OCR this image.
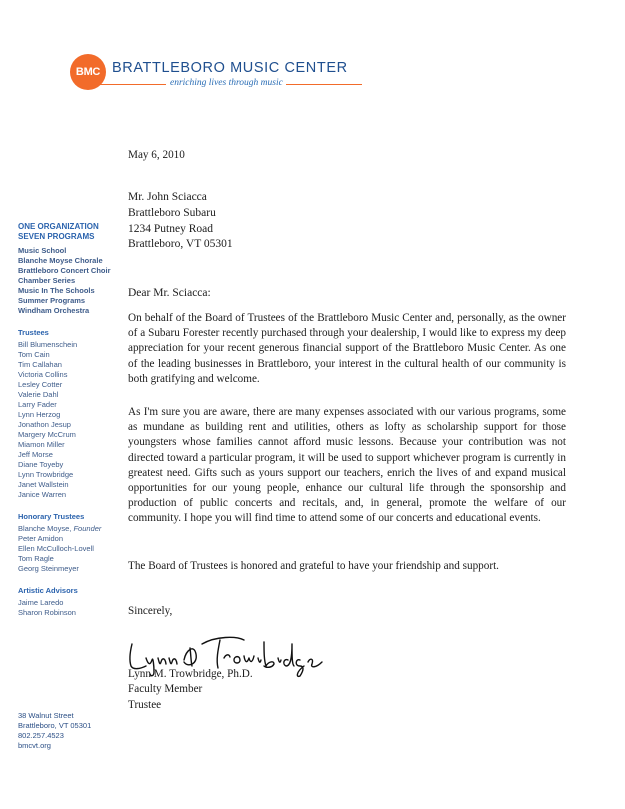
BMC BRATTLEBORO MUSIC CENTER
enriching lives through music
ONE ORGANIZATION
SEVEN PROGRAMS
Music School
Blanche Moyse Chorale
Brattleboro Concert Choir
Chamber Series
Music In The Schools
Summer Programs
Windham Orchestra
Trustees
Bill Blumenschein
Tom Cain
Tim Callahan
Victoria Collins
Lesley Cotter
Valerie Dahl
Larry Fader
Lynn Herzog
Jonathon Jesup
Margery McCrum
Miamon Miller
Jeff Morse
Diane Toyeby
Lynn Trowbridge
Janet Wallstein
Janice Warren
Honorary Trustees
Blanche Moyse, Founder
Peter Amidon
Ellen McCulloch-Lovell
Tom Ragle
Georg Steinmeyer
Artistic Advisors
Jaime Laredo
Sharon Robinson
38 Walnut Street
Brattleboro, VT 05301
802.257.4523
bmcvt.org
May 6, 2010
Mr. John Sciacca
Brattleboro Subaru
1234 Putney Road
Brattleboro, VT 05301
Dear Mr. Sciacca:

On behalf of the Board of Trustees of the Brattleboro Music Center and, personally, as the owner of a Subaru Forester recently purchased through your dealership, I would like to express my deep appreciation for your recent generous financial support of the Brattleboro Music Center. As one of the leading businesses in Brattleboro, your interest in the cultural health of our community is both gratifying and welcome.

As I'm sure you are aware, there are many expenses associated with our various programs, some as mundane as building rent and utilities, others as lofty as scholarship support for those youngsters whose families cannot afford music lessons. Because your contribution was not directed toward a particular program, it will be used to support whichever program is currently in greatest need. Gifts such as yours support our teachers, enrich the lives of and expand musical opportunities for our young people, enhance our cultural life through the sponsorship and production of public concerts and recitals, and, in general, promote the welfare of our community. I hope you will find time to attend some of our concerts and educational events.

The Board of Trustees is honored and grateful to have your friendship and support.

Sincerely,
Lynn M. Trowbridge, Ph.D.
Faculty Member
Trustee
